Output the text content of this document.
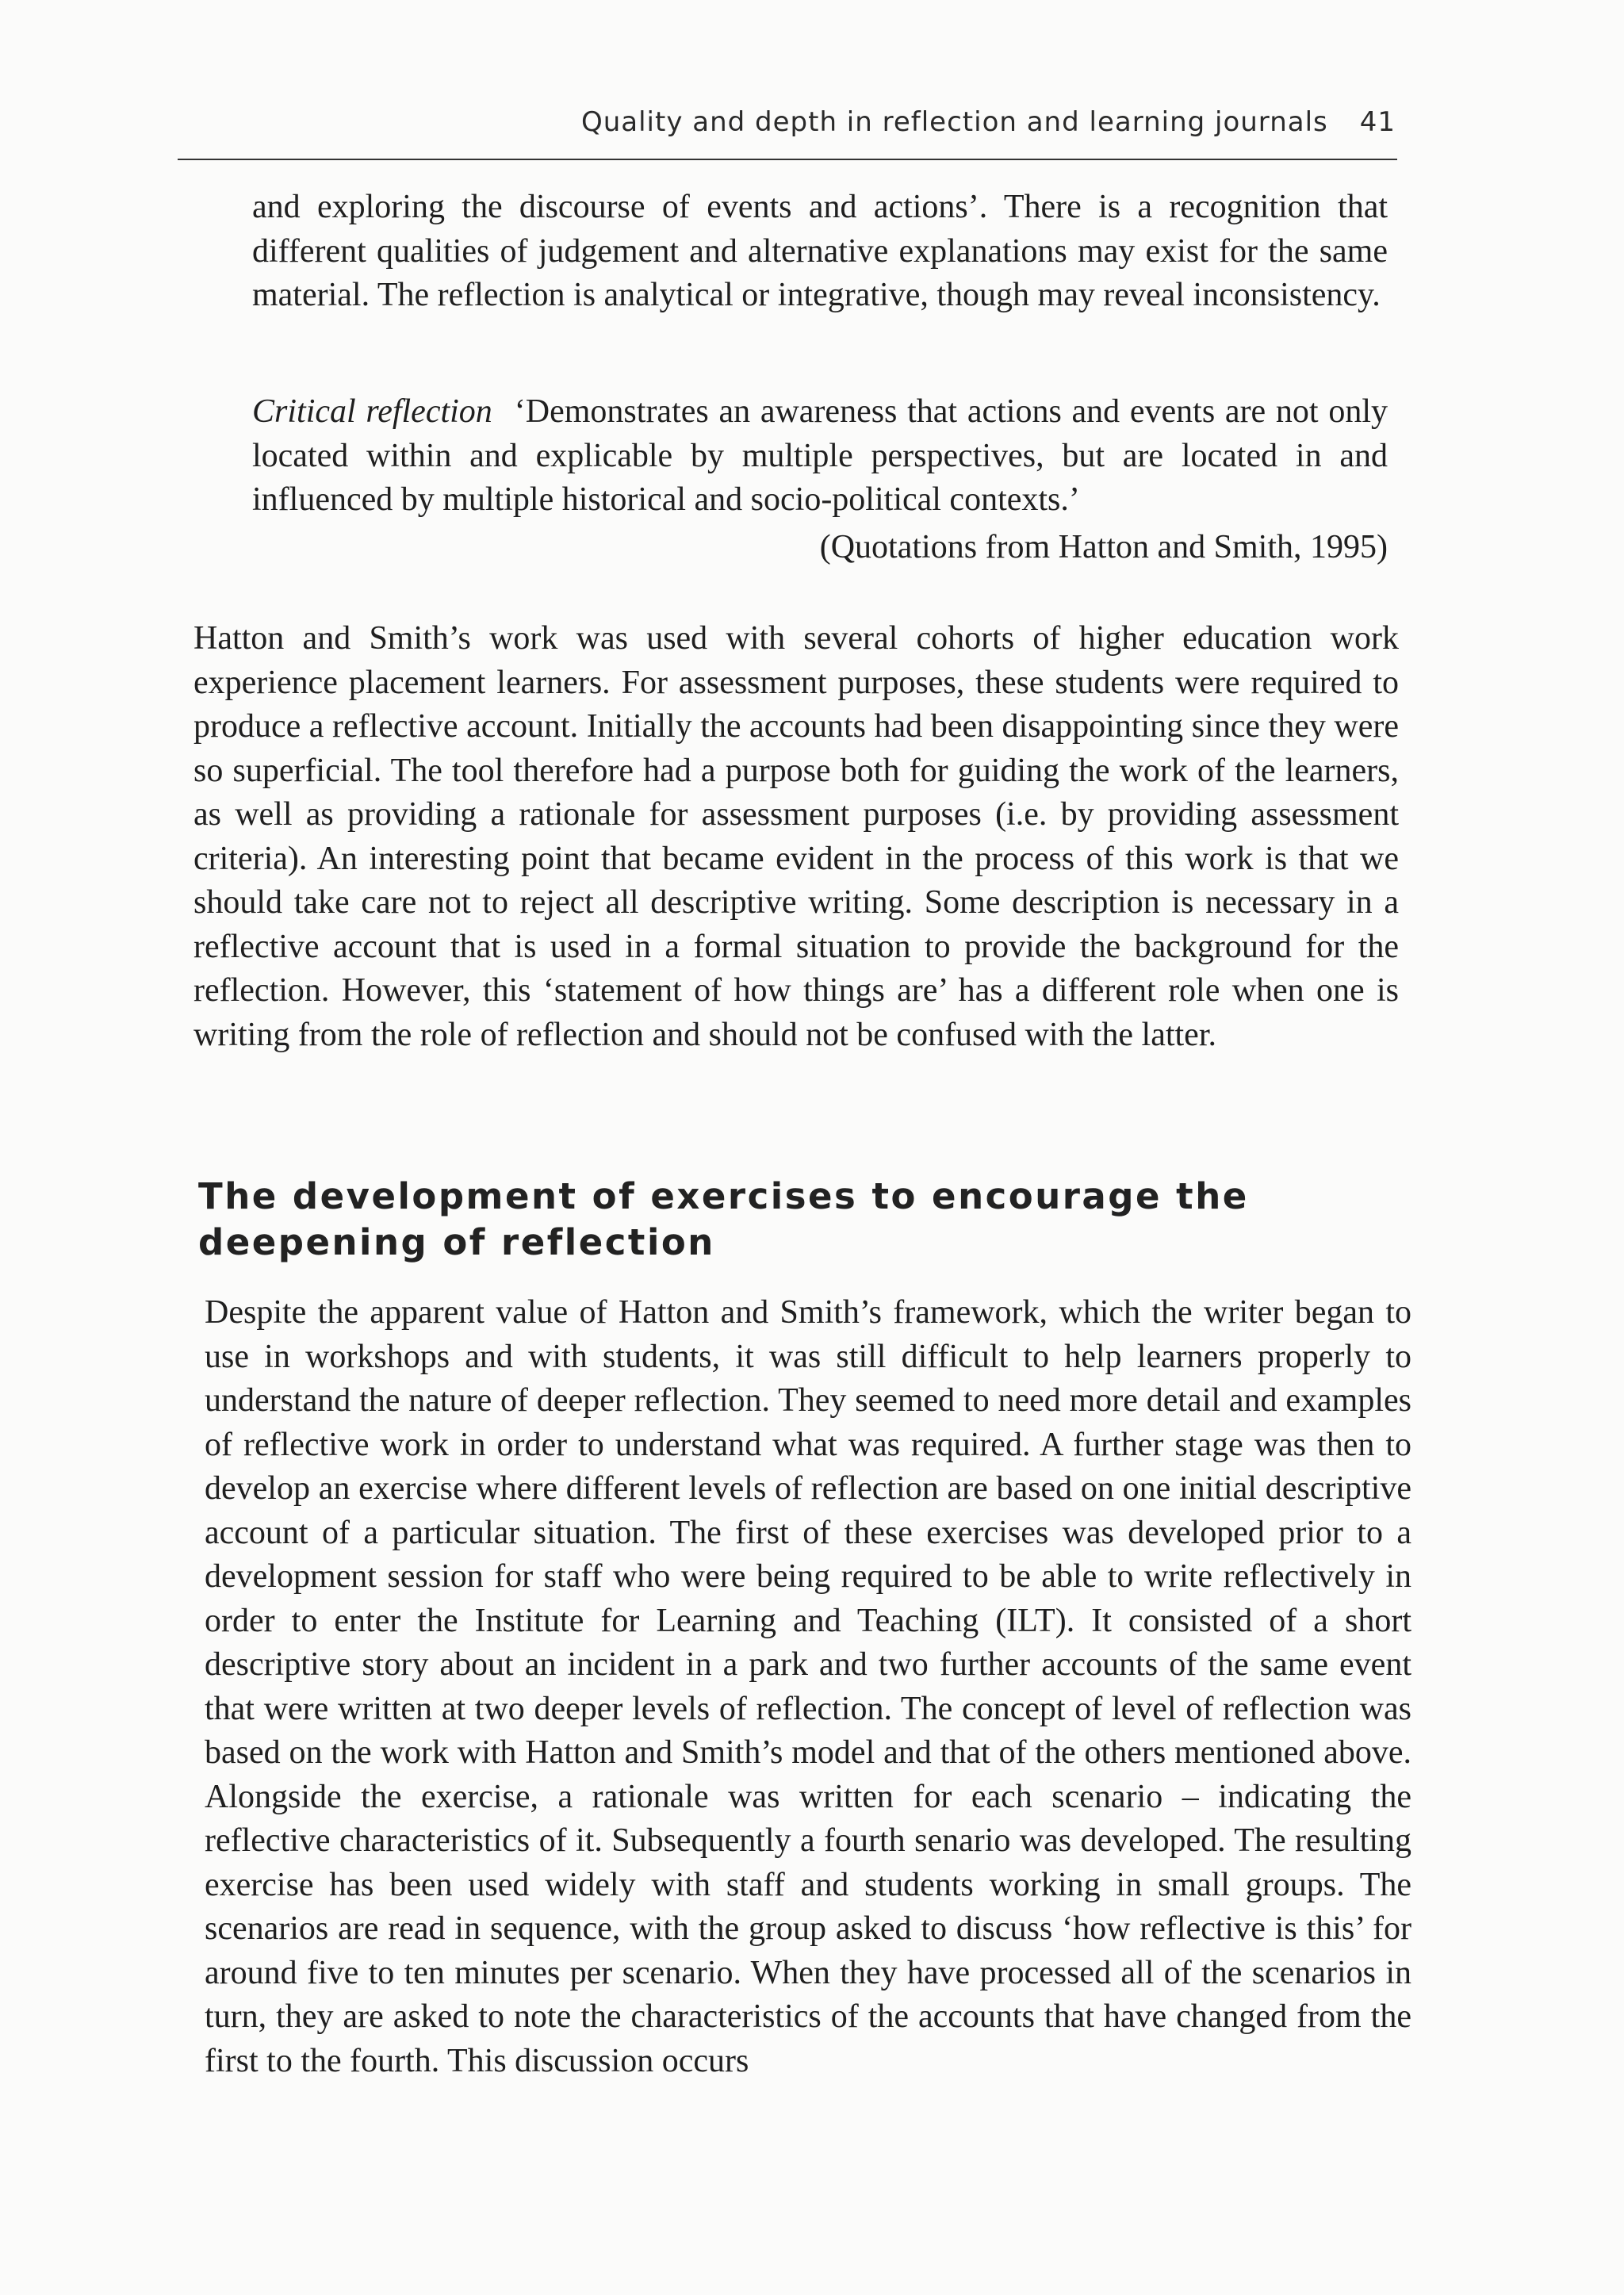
Quality and depth in reflection and learning journals 41

and exploring the discourse of events and actions’. There is a recognition that different qualities of judgement and alternative explanations may exist for the same material. The reflection is analytical or integrative, though may reveal inconsistency.

Critical reflection ‘Demonstrates an awareness that actions and events are not only located within and explicable by multiple perspectives, but are located in and influenced by multiple historical and socio-political contexts.’

(Quotations from Hatton and Smith, 1995)

Hatton and Smith’s work was used with several cohorts of higher education work experience placement learners. For assessment purposes, these students were required to produce a reflective account. Initially the accounts had been disappointing since they were so superficial. The tool therefore had a purpose both for guiding the work of the learners, as well as providing a rationale for assessment purposes (i.e. by providing assessment criteria). An interesting point that became evident in the process of this work is that we should take care not to reject all descriptive writing. Some description is necessary in a reflective account that is used in a formal situation to provide the background for the reflection. However, this ‘statement of how things are’ has a different role when one is writing from the role of reflection and should not be confused with the latter.

The development of exercises to encourage the deepening of reflection

Despite the apparent value of Hatton and Smith’s framework, which the writer began to use in workshops and with students, it was still difficult to help learners properly to understand the nature of deeper reflection. They seemed to need more detail and examples of reflective work in order to understand what was required. A further stage was then to develop an exercise where different levels of reflection are based on one initial descriptive account of a particular situation. The first of these exercises was developed prior to a development session for staff who were being required to be able to write reflectively in order to enter the Institute for Learning and Teaching (ILT). It consisted of a short descriptive story about an incident in a park and two further accounts of the same event that were written at two deeper levels of reflection. The concept of level of reflection was based on the work with Hatton and Smith’s model and that of the others mentioned above. Alongside the exercise, a rationale was written for each scenario – indicating the reflective characteristics of it. Subsequently a fourth senario was developed. The resulting exercise has been used widely with staff and students working in small groups. The scenarios are read in sequence, with the group asked to discuss ‘how reflective is this’ for around five to ten minutes per scenario. When they have processed all of the scenarios in turn, they are asked to note the characteristics of the accounts that have changed from the first to the fourth. This discussion occurs
